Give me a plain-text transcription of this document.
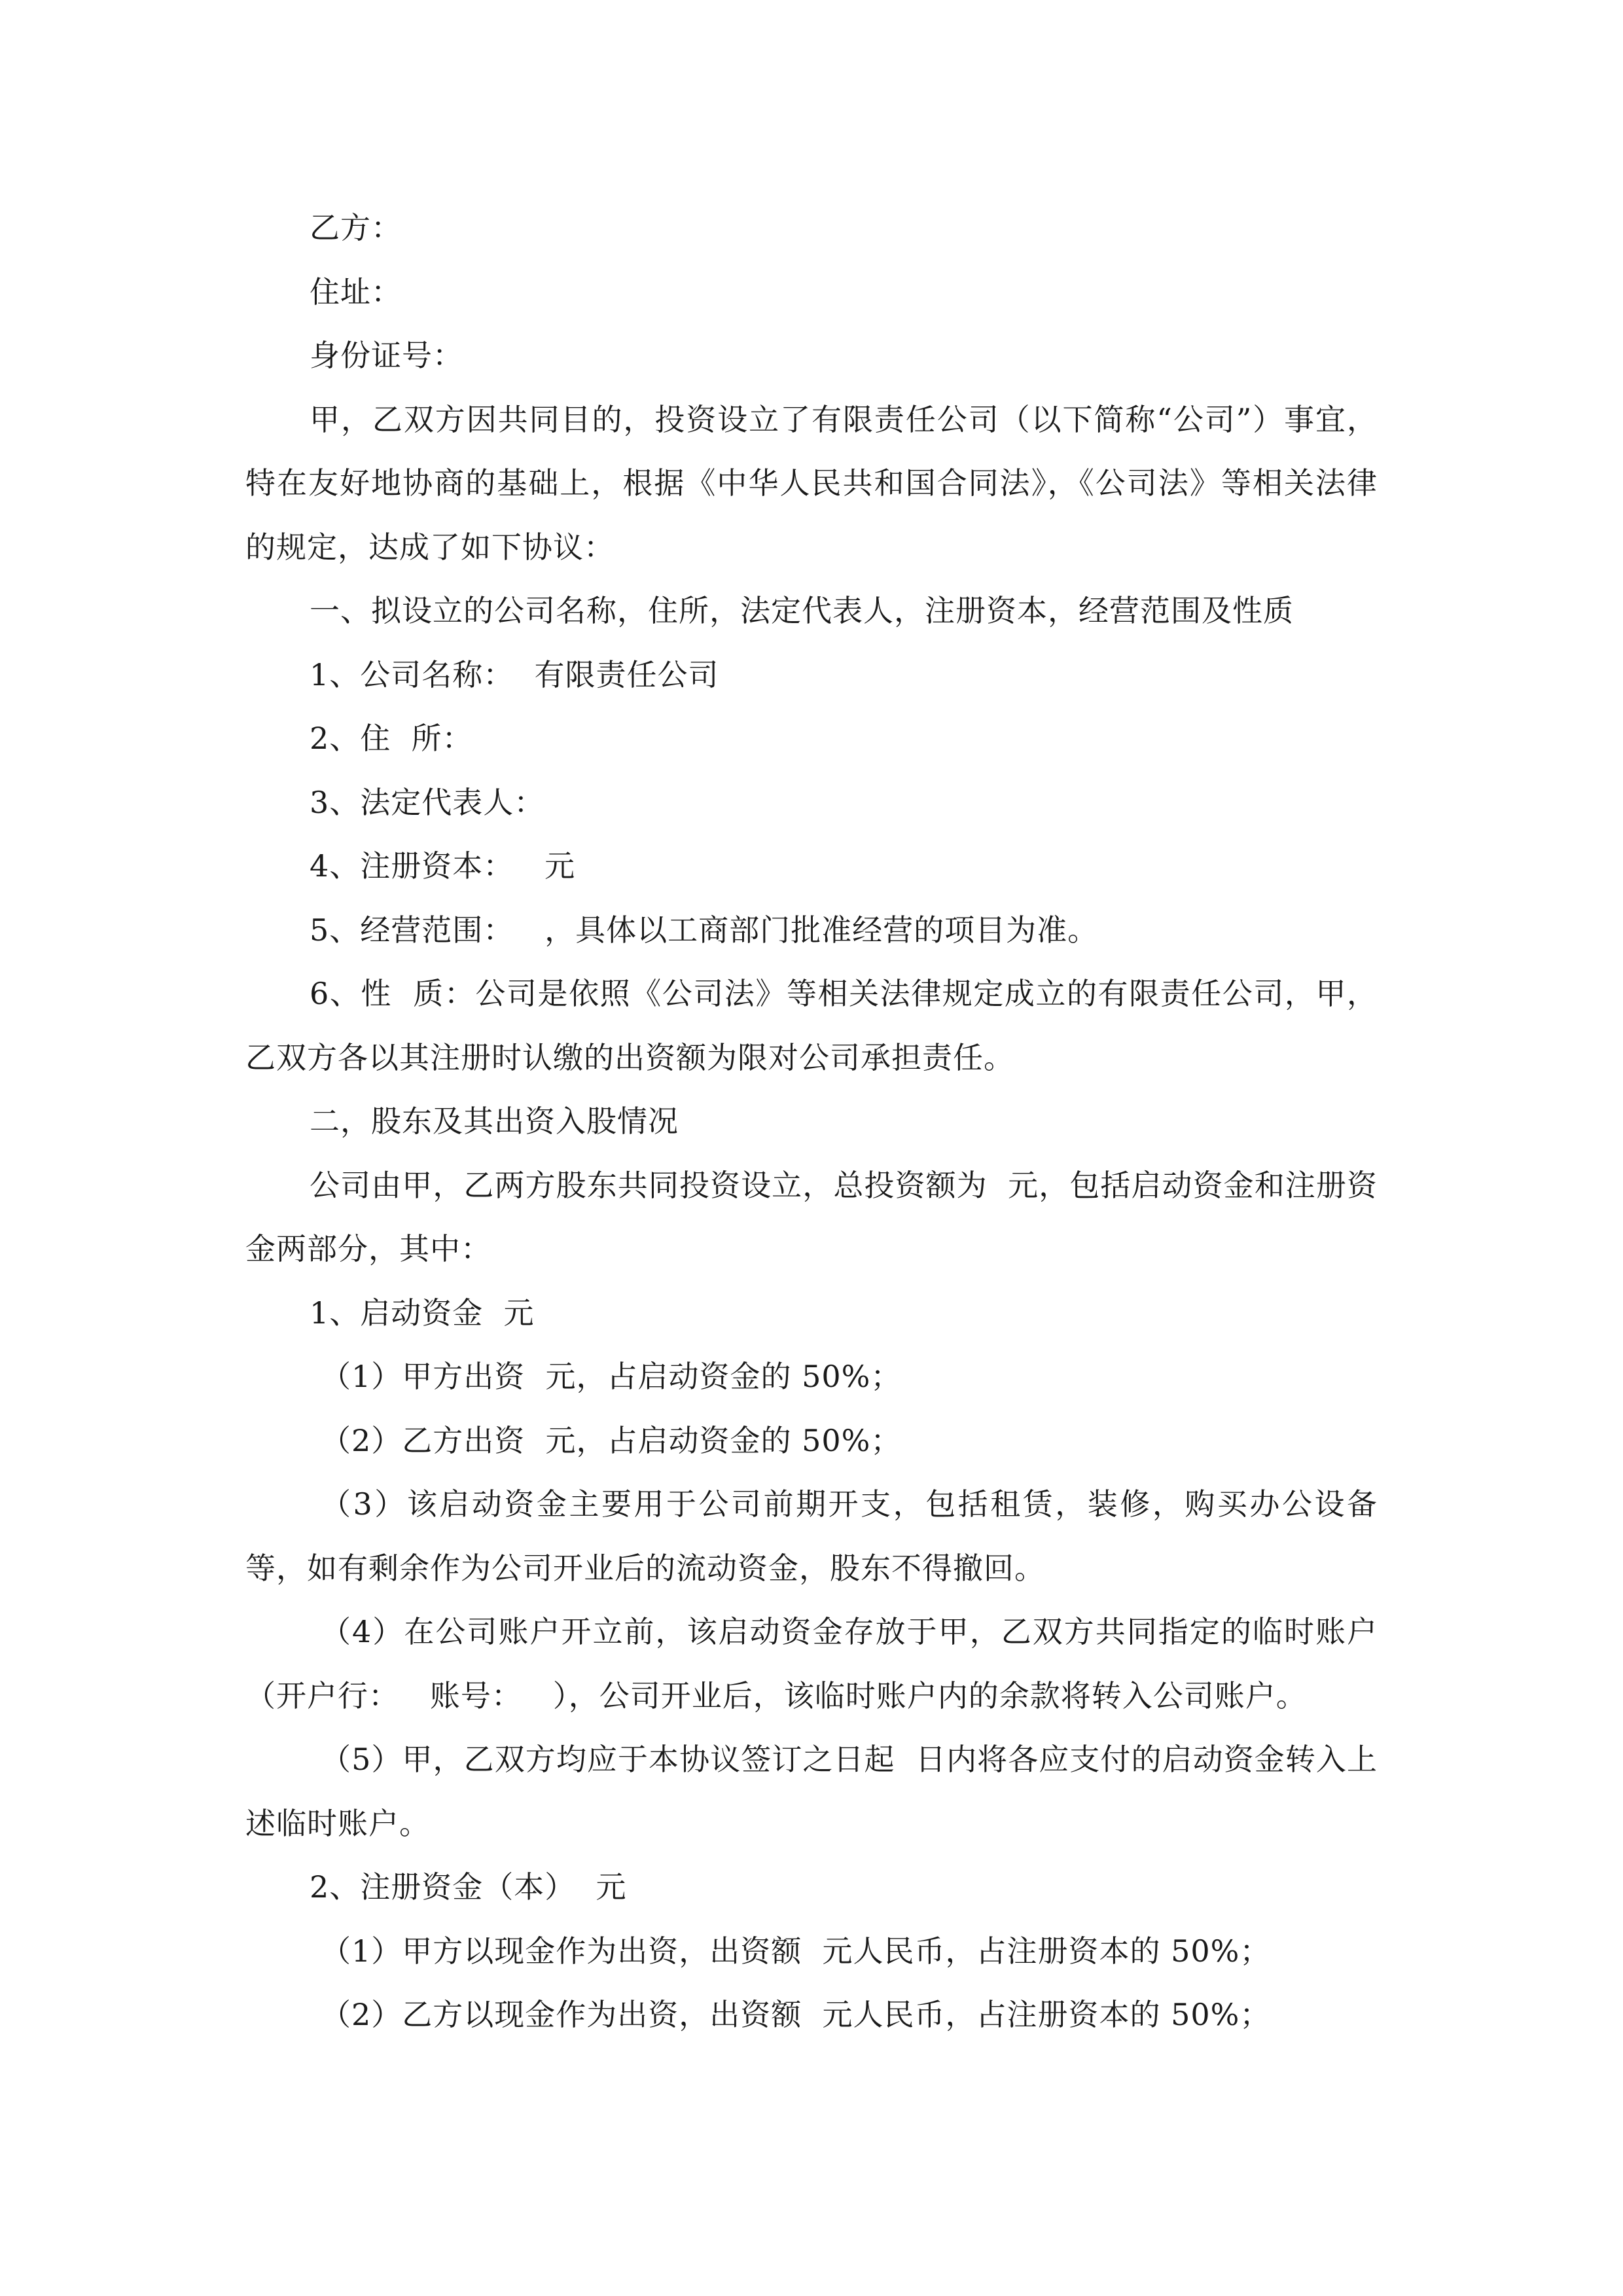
乙方：

住址：

身份证号：

甲，乙双方因共同目的，投资设立了有限责任公司（以下简称“公司”）事宜，特在友好地协商的基础上，根据《中华人民共和国合同法》，《公司法》等相关法律的规定，达成了如下协议：

一、拟设立的公司名称，住所，法定代表人，注册资本，经营范围及性质

1、公司名称：  有限责任公司

2、住  所：

3、法定代表人：

4、注册资本：   元

5、经营范围：   ，具体以工商部门批准经营的项目为准。

6、性  质：公司是依照《公司法》等相关法律规定成立的有限责任公司，甲，乙双方各以其注册时认缴的出资额为限对公司承担责任。

二，股东及其出资入股情况

公司由甲，乙两方股东共同投资设立，总投资额为  元，包括启动资金和注册资金两部分，其中：

1、启动资金  元

（1）甲方出资  元，占启动资金的 50%；

（2）乙方出资  元，占启动资金的 50%；

（3）该启动资金主要用于公司前期开支，包括租赁，装修，购买办公设备等，如有剩余作为公司开业后的流动资金，股东不得撤回。

（4）在公司账户开立前，该启动资金存放于甲，乙双方共同指定的临时账户（开户行：   账号：   ），公司开业后，该临时账户内的余款将转入公司账户。

（5）甲，乙双方均应于本协议签订之日起  日内将各应支付的启动资金转入上述临时账户。

2、注册资金（本）  元

（1）甲方以现金作为出资，出资额  元人民币，占注册资本的 50%；

（2）乙方以现金作为出资，出资额  元人民币，占注册资本的 50%；
